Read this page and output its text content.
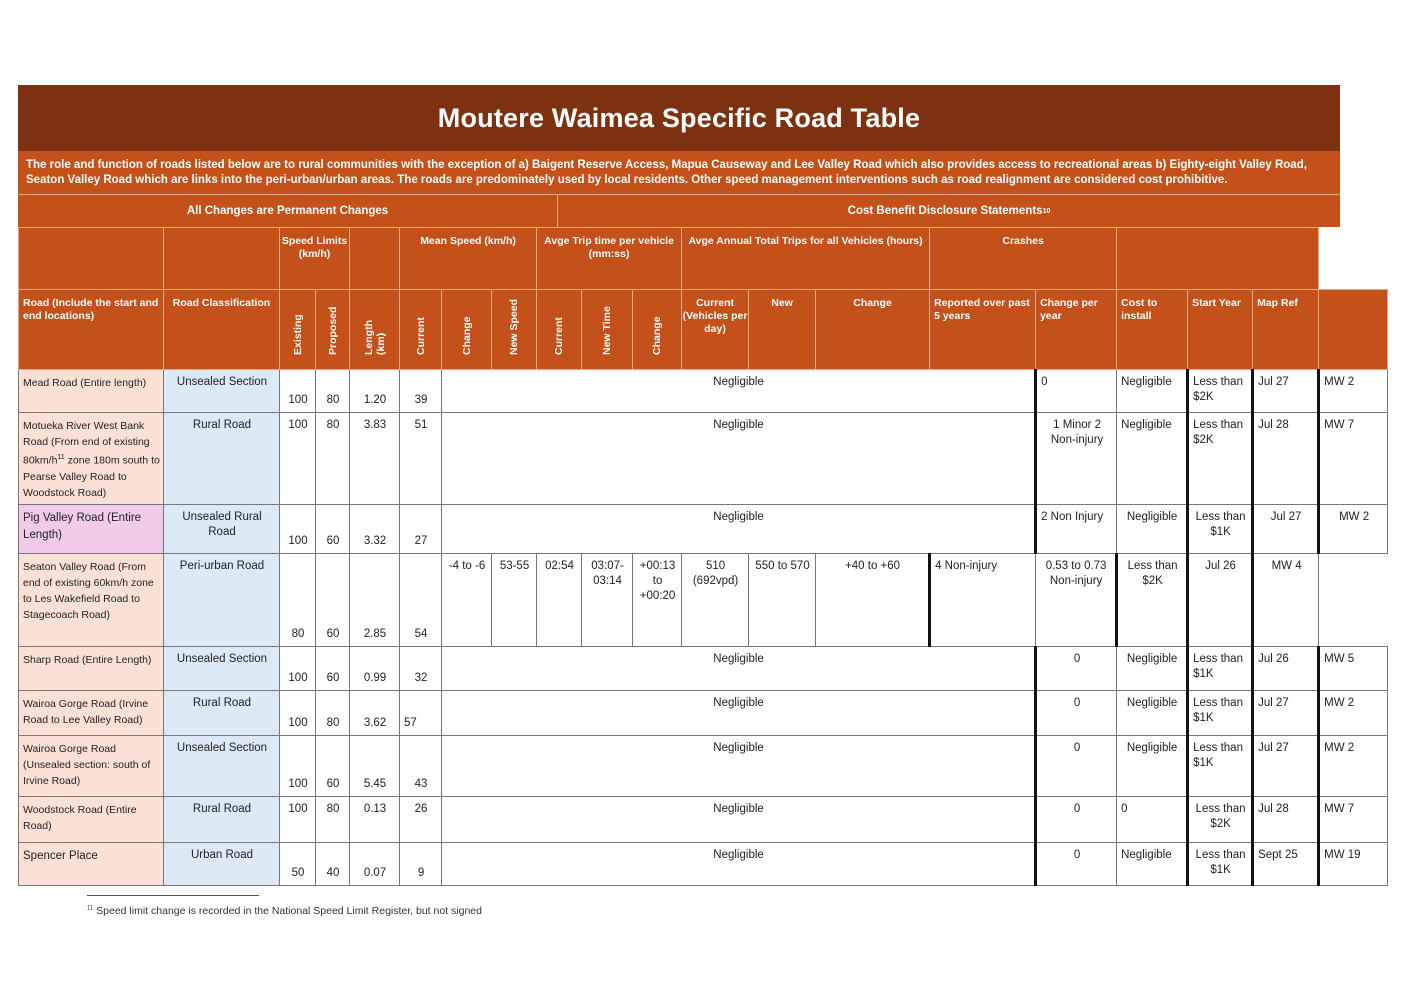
Moutere Waimea Specific Road Table
The role and function of roads listed below are to rural communities with the exception of a) Baigent Reserve Access, Mapua Causeway and Lee Valley Road which also provides access to recreational areas b) Eighty-eight Valley Road, Seaton Valley Road which are links into the peri-urban/urban areas. The roads are predominately used by local residents. Other speed management interventions such as road realignment are considered cost prohibitive.
All Changes are Permanent Changes	Cost Benefit Disclosure Statements 10
		Speed Limits (km/h)			Mean Speed (km/h)			Avge Trip time per vehicle (mm:ss)			Avge Annual Total Trips for all Vehicles (hours)			Crashes					
Road (Include the start and end locations)	Road Classification	Existing	Proposed	Length (km)	Current	Change	New Speed	Current	New Time	Change	Current (Vehicles per day)	New	Change	Reported over past 5 years	Change per year	Cost to install	Start Year	Map Ref	
Mead Road (Entire length)	Unsealed Section	100	80	1.20	39	Negligible									0	Negligible	Less than $2K	Jul 27	MW 2
Motueka River West Bank Road (From end of existing $80km/h^{11}$ zone 180m south to Pearse Valley Road to Woodstock Road)	Rural Road	100	80	3.83	51	Negligible									1 Minor 2 Non-injury	Negligible	Less than $2K	Jul 28	MW 7
Pig Valley Road (Entire Length)	Unsealed Rural Road	100	60	3.32	27	Negligible									2 Non Injury	Negligible	Less than $1K	Jul 27	MW 2
Seaton Valley Road (From end of existing 60km/h zone to Les Wakefield Road to Stagecoach Road)	Peri-urban Road	80	60	2.85	54	-4 to -6	53-55	02:54	03:07-03:14	+00:13 to +00:20	510 (692vpd)	550 to 570	+40 to +60	4 Non-injury	0.53 to 0.73 Non-injury	Less than $2K	Jul 26	MW 4	
Sharp Road (Entire Length)	Unsealed Section	100	60	0.99	32	Negligible									0	Negligible	Less than $1K	Jul 26	MW 5
Wairoa Gorge Road (Irvine Road to Lee Valley Road)	Rural Road	100	80	3.62	57	Negligible									0	Negligible	Less than $1K	Jul 27	MW 2
Wairoa Gorge Road (Unsealed section: south of Irvine Road)	Unsealed Section	100	60	5.45	43	Negligible									0	Negligible	Less than $1K	Jul 27	MW 2
Woodstock Road (Entire Road)	Rural Road	100	80	0.13	26	Negligible									0	0	Less than $2K	Jul 28	MW 7
Spencer Place	Urban Road	50	40	0.07	9	Negligible									0	Negligible	Less than $1K	Sept 25	MW 19
$^{11}$ Speed limit change is recorded in the National Speed Limit Register, but not signed
